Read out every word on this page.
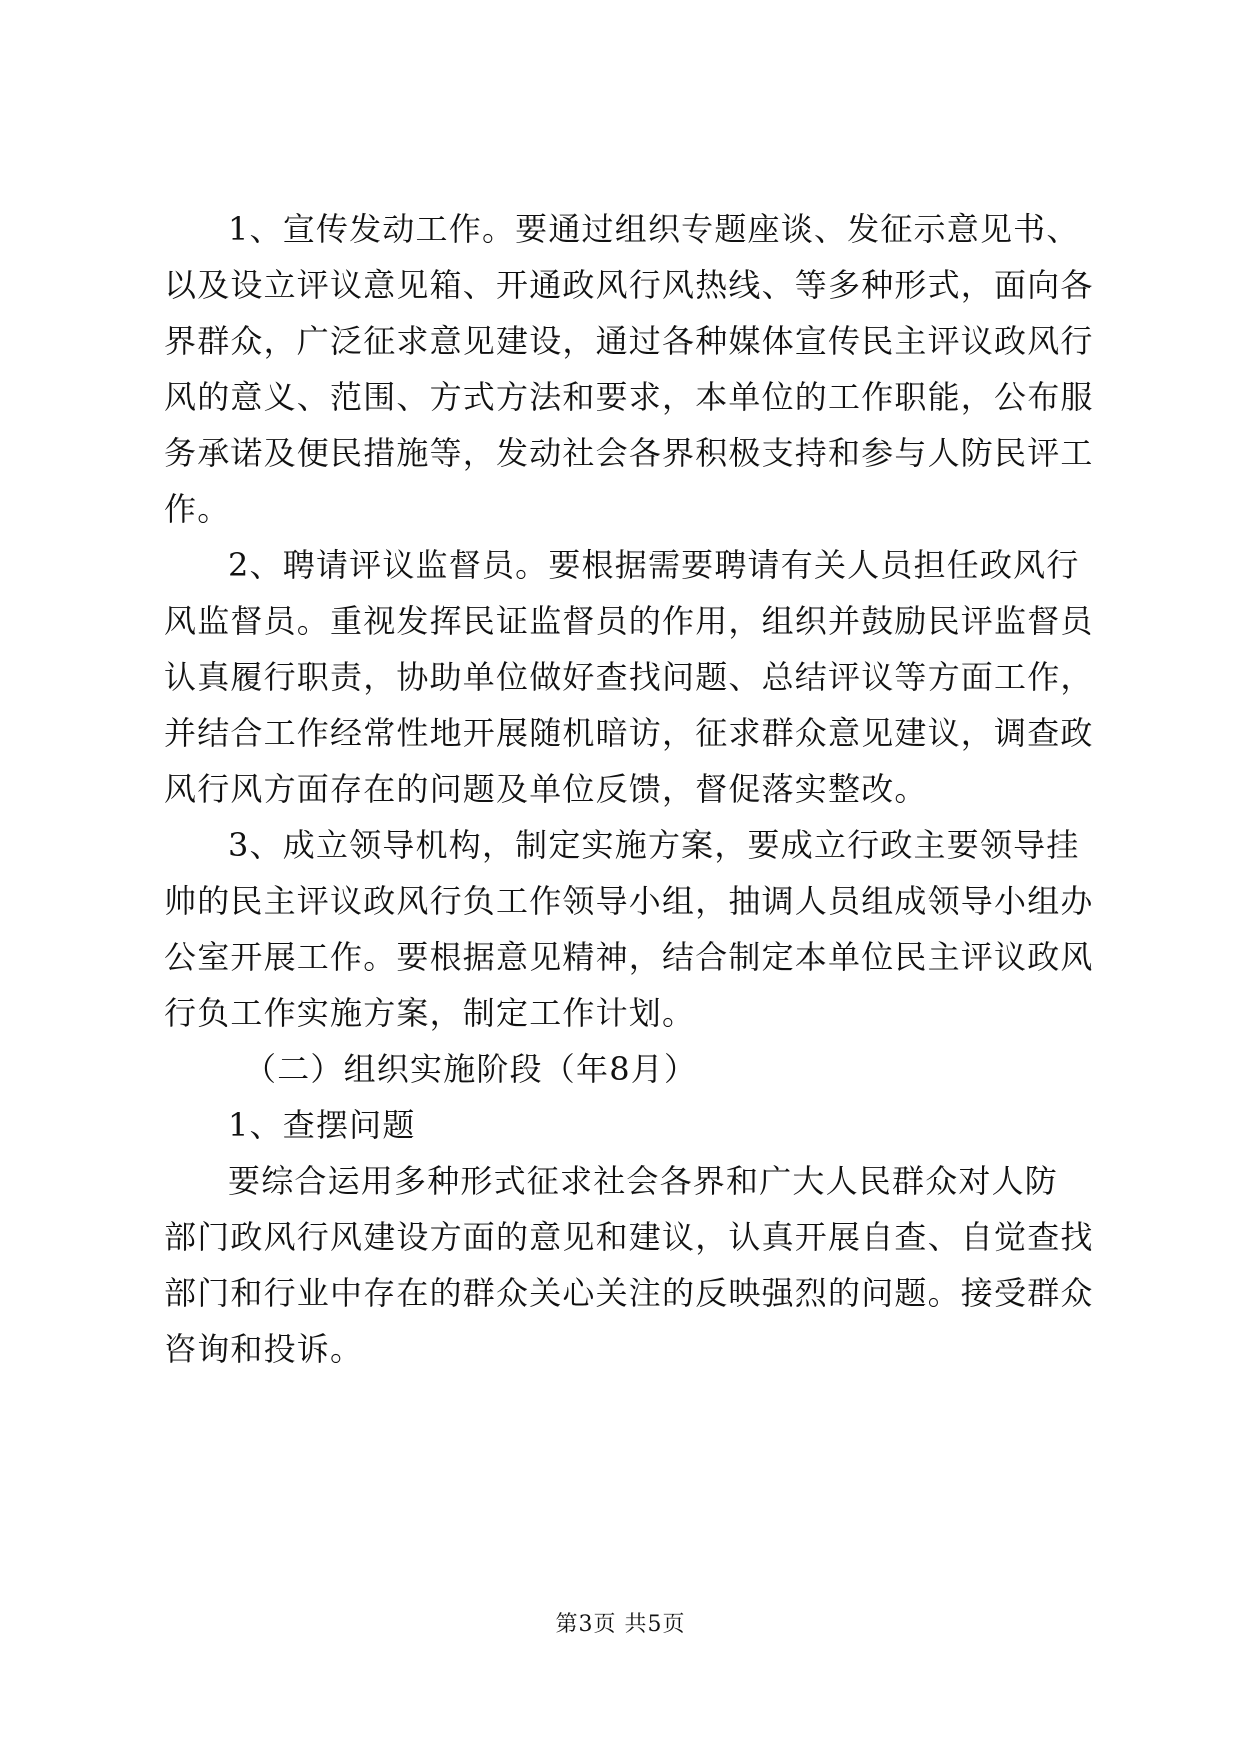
1、宣传发动工作。要通过组织专题座谈、发征示意见书、
以及设立评议意见箱、开通政风行风热线、等多种形式，面向各
界群众，广泛征求意见建设，通过各种媒体宣传民主评议政风行
风的意义、范围、方式方法和要求，本单位的工作职能，公布服
务承诺及便民措施等，发动社会各界积极支持和参与人防民评工
作。
2、聘请评议监督员。要根据需要聘请有关人员担任政风行
风监督员。重视发挥民证监督员的作用，组织并鼓励民评监督员
认真履行职责，协助单位做好查找问题、总结评议等方面工作，
并结合工作经常性地开展随机暗访，征求群众意见建议，调查政
风行风方面存在的问题及单位反馈，督促落实整改。
3、成立领导机构，制定实施方案，要成立行政主要领导挂
帅的民主评议政风行负工作领导小组，抽调人员组成领导小组办
公室开展工作。要根据意见精神，结合制定本单位民主评议政风
行负工作实施方案，制定工作计划。
（二）组织实施阶段（年8月）
1、查摆问题
要综合运用多种形式征求社会各界和广大人民群众对人防
部门政风行风建设方面的意见和建议，认真开展自查、自觉查找
部门和行业中存在的群众关心关注的反映强烈的问题。接受群众
咨询和投诉。
第3页 共5页
